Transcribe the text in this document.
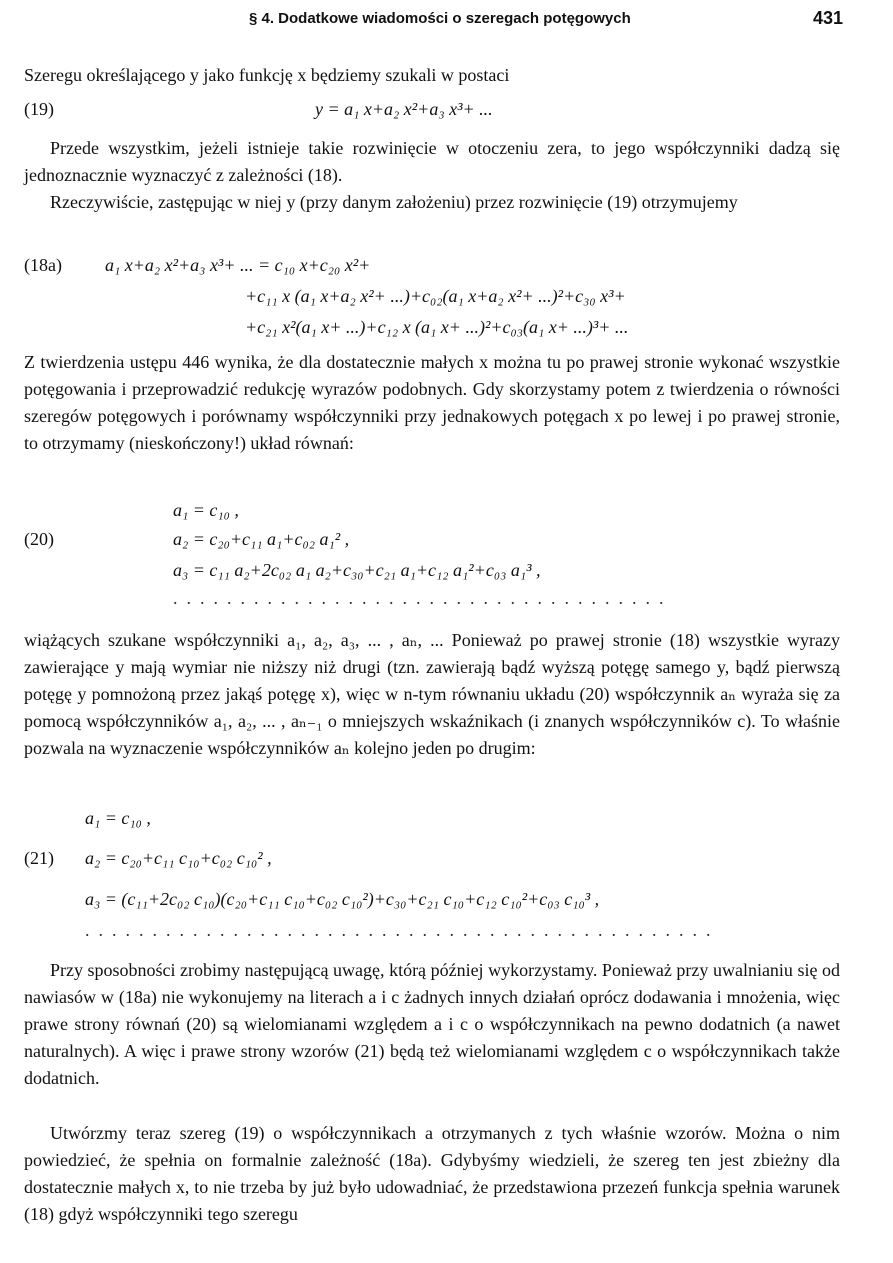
§ 4. Dodatkowe wiadomości o szeregach potęgowych	431

Szeregu określającego y jako funkcję x będziemy szukali w postaci

(19)	y = a₁ x+a₂ x²+a₃ x³+ ...

Przede wszystkim, jeżeli istnieje takie rozwinięcie w otoczeniu zera, to jego współczynniki dadzą się jednoznacznie wyznaczyć z zależności (18).

Rzeczywiście, zastępując w niej y (przy danym założeniu) przez rozwinięcie (19) otrzymujemy

(18a) a₁ x+a₂ x²+a₃ x³+ ... = c₁₀ x+c₂₀ x²+
+c₁₁ x (a₁ x+a₂ x²+ ...)+c₀₂(a₁ x+a₂ x²+ ...)²+c₃₀ x³+
+c₂₁ x²(a₁ x+ ...)+c₁₂ x (a₁ x+ ...)²+c₀₃(a₁ x+ ...)³+ ...

Z twierdzenia ustępu 446 wynika, że dla dostatecznie małych x można tu po prawej stronie wykonać wszystkie potęgowania i przeprowadzić redukcję wyrazów podobnych. Gdy skorzystamy potem z twierdzenia o równości szeregów potęgowych i porównamy współczynniki przy jednakowych potęgach x po lewej i po prawej stronie, to otrzymamy (nieskończony!) układ równań:

a₁ = c₁₀ ,
(20)	a₂ = c₂₀+c₁₁ a₁+c₀₂ a₁² ,
a₃ = c₁₁ a₂+2c₀₂ a₁ a₂+c₃₀+c₂₁ a₁+c₁₂ a₁²+c₀₃ a₁³ ,
.....................................

wiążących szukane współczynniki a₁, a₂, a₃, ... , aₙ, ... Ponieważ po prawej stronie (18) wszystkie wyrazy zawierające y mają wymiar nie niższy niż drugi (tzn. zawierają bądź wyższą potęgę samego y, bądź pierwszą potęgę y pomnożoną przez jakąś potęgę x), więc w n-tym równaniu układu (20) współczynnik aₙ wyraża się za pomocą współczynników a₁, a₂, ... , aₙ₋₁ o mniejszych wskaźnikach (i znanych współczynników c). To właśnie pozwala na wyznaczenie współczynników aₙ kolejno jeden po drugim:

a₁ = c₁₀ ,
(21) a₂ = c₂₀+c₁₁ c₁₀+c₀₂ c₁₀² ,
a₃ = (c₁₁+2c₀₂ c₁₀)(c₂₀+c₁₁ c₁₀+c₀₂ c₁₀²)+c₃₀+c₂₁ c₁₀+c₁₂ c₁₀²+c₀₃ c₁₀³ ,
...............................................

Przy sposobności zrobimy następującą uwagę, którą później wykorzystamy. Ponieważ przy uwalnianiu się od nawiasów w (18a) nie wykonujemy na literach a i c żadnych innych działań oprócz dodawania i mnożenia, więc prawe strony równań (20) są wielomianami względem a i c o współczynnikach na pewno dodatnich (a nawet naturalnych). A więc i prawe strony wzorów (21) będą też wielomianami względem c o współczynnikach także dodatnich.

Utwórzmy teraz szereg (19) o współczynnikach a otrzymanych z tych właśnie wzorów. Można o nim powiedzieć, że spełnia on formalnie zależność (18a). Gdybyśmy wiedzieli, że szereg ten jest zbieżny dla dostatecznie małych x, to nie trzeba by już było udowadniać, że przedstawiona przezeń funkcja spełnia warunek (18) gdyż współczynniki tego szeregu
